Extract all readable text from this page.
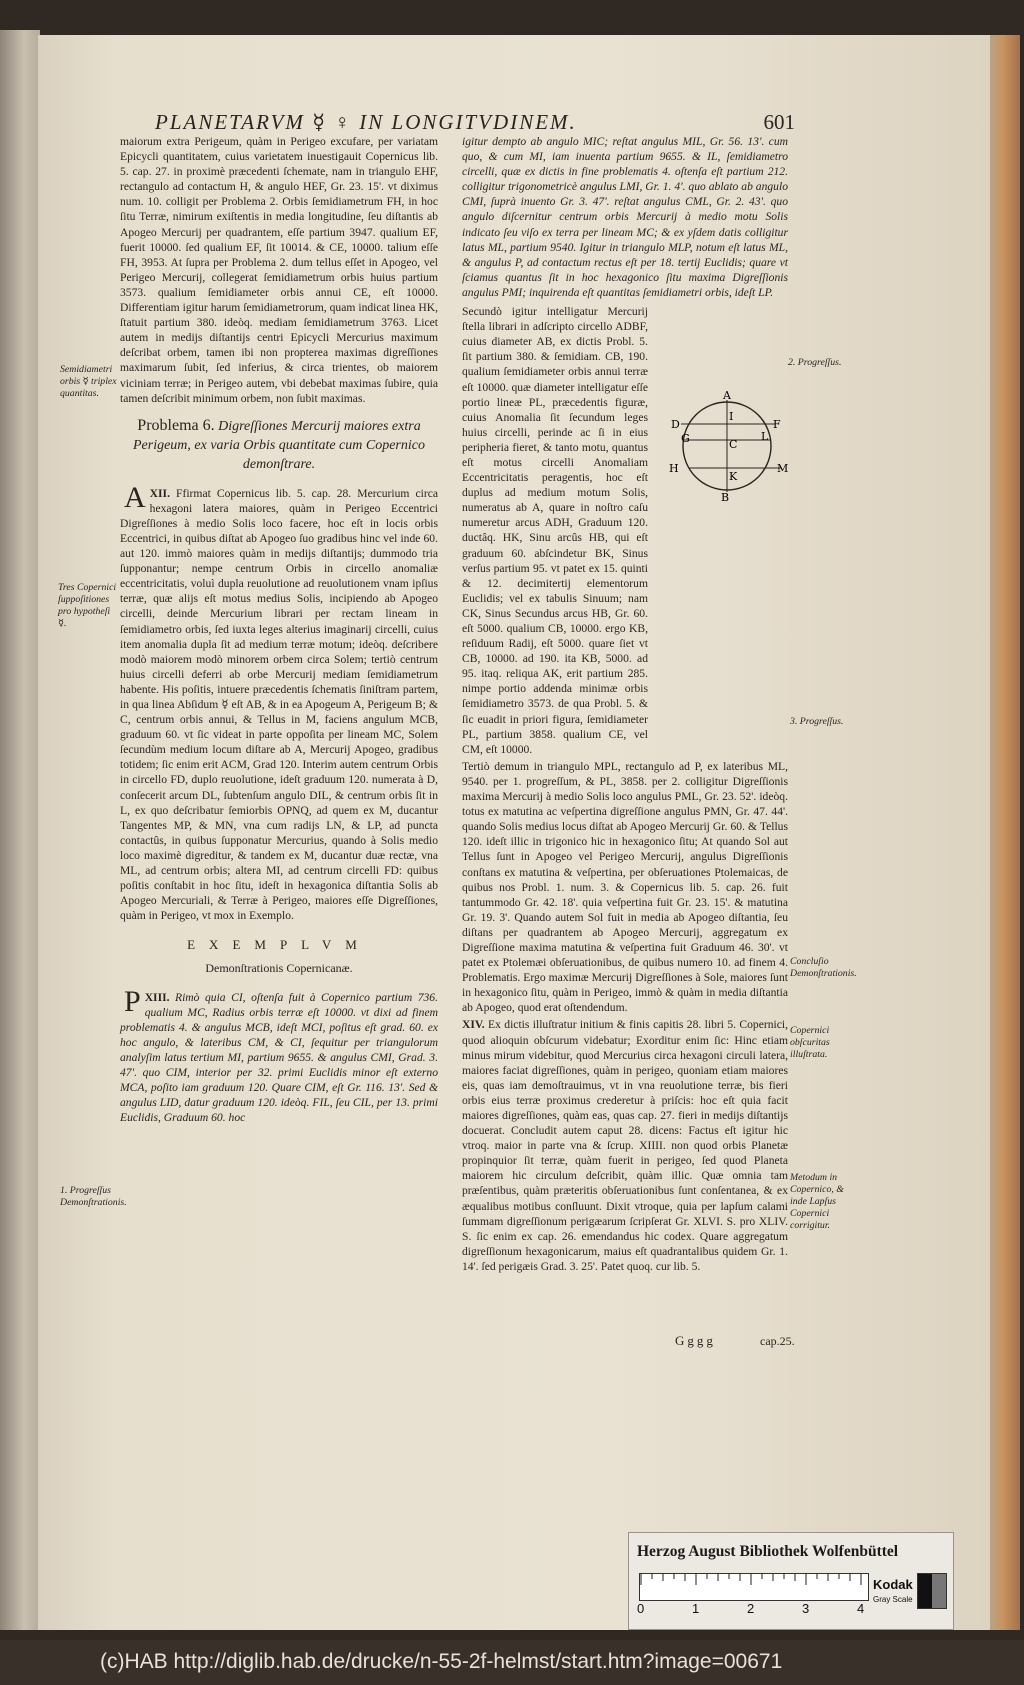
PLANETARVM ☿ ♀ IN LONGITVDINEM.	601

maiorum extra Perigeum, quàm in Perigeo excufare, per variatam Epicycli quantitatem, cuius varietatem inuestigauit Copernicus lib. 5. cap. 27. in proximè præcedenti ſchemate, nam in triangulo EHF, rectangulo ad contactum H, & angulo HEF, Gr. 23. 15'. vt diximus num. 10. colligit per Problema 2. Orbis ſemidiametrum FH, in hoc ſitu Terræ, nimirum exiſtentis in media longitudine, ſeu diſtantis ab Apogeo Mercurij per quadrantem, eſſe partium 3947. qualium EF, fuerit 10000. ſed qualium EF, ſit 10014. & CE, 10000. talium eſſe FH, 3953. At ſupra per Problema 2. dum tellus eſſet in Apogeo, vel Perigeo Mercurij, collegerat ſemidiametrum orbis huius partium 3573. qualium ſemidiameter orbis annui CE, eſt 10000. Differentiam igitur harum ſemidiametrorum, quam indicat linea HK, ſtatuit partium 380. ideòq. mediam ſemidiametrum 3763. Licet autem in medijs diſtantijs centri Epicycli Mercurius maximum deſcribat orbem, tamen ibi non propterea maximas digreſſiones maximarum ſubit, ſed inferius, & circa trientes, ob maiorem viciniam terræ; in Perigeo autem, vbi debebat maximas ſubire, quia tamen deſcribit minimum orbem, non ſubit maximas.

Problema 6. Digreſſiones Mercurij maiores extra Perigeum, ex varia Orbis quantitate cum Copernico demonſtrare.

XII.
A	Ffirmat Copernicus lib. 5. cap. 28. Mercurium circa hexagoni latera maiores, quàm in Perigeo Eccentrici Digreſſiones à medio Solis loco facere, hoc eſt in locis orbis Eccentrici, in quibus diſtat ab Apogeo ſuo gradibus hinc vel inde 60. aut 120. immò maiores quàm in medijs diſtantijs; dummodo tria ſupponantur; nempe centrum Orbis in circello anomaliæ eccentricitatis, voluì dupla reuolutione ad reuolutionem vnam ipſius terræ, quæ alijs eſt motus medius Solis, incipiendo ab Apogeo circelli, deinde Mercurium librari per rectam lineam in ſemidiametro orbis, ſed iuxta leges alterius imaginarij circelli, cuius item anomalia dupla ſit ad medium terræ motum; ideòq. deſcribere modò maiorem modò minorem orbem circa Solem; tertiò centrum huius circelli deferri ab orbe Mercurij mediam ſemidiametrum habente. His poſitis, intuere præcedentis ſchematis ſiniſtram partem, in qua linea Abſidum ☿ eſt AB, & in ea Apogeum A, Perigeum B; & C, centrum orbis annui, & Tellus in M, faciens angulum MCB, graduum 60. vt ſic videat in parte oppoſita per lineam MC, Solem ſecundùm medium locum diſtare ab A, Mercurij Apogeo, gradibus totidem; ſic enim erit ACM, Grad 120. Interim autem centrum Orbis in circello FD, duplo reuolutione, ideſt graduum 120. numerata à D, conſecerit arcum DL, ſubtenſum angulo DIL, & centrum orbis ſit in L, ex quo deſcribatur ſemiorbis OPNQ, ad quem ex M, ducantur Tangentes MP, & MN, vna cum radijs LN, & LP, ad puncta contactûs, in quibus ſupponatur Mercurius, quando à Solis medio loco maximè digreditur, & tandem ex M, ducantur duæ rectæ, vna ML, ad centrum orbis; altera MI, ad centrum circelli FD: quibus poſitis conſtabit in hoc ſitu, ideſt in hexagonica diſtantia Solis ab Apogeo Mercuriali, & Terræ à Perigeo, maiores eſſe Digreſſiones, quàm in Perigeo, vt mox in Exemplo.

EXEMPLVM
Demonſtrationis Copernicanæ.

XIII.
P	Rimò quia CI, oſtenſa fuit à Copernico partium 736. qualium MC, Radius orbis terræ eſt 10000. vt dixi ad finem problematis 4. & angulus MCB, ideſt MCI, poſitus eſt grad. 60. ex hoc angulo, & lateribus CM, & CI, ſequitur per triangulorum analyſim latus tertium MI, partium 9655. & angulus CMI, Grad. 3. 47'. quo CIM, interior per 32. primi Euclidis minor eſt externo MCA, poſito iam graduum 120. Quare CIM, eſt Gr. 116. 13'. Sed & angulus LID, datur graduum 120. ideòq. FIL, ſeu CIL, per 13. primi Euclidis, Graduum 60. hoc

igitur dempto ab angulo MIC; reſtat angulus MIL, Gr. 56. 13'. cum quo, & cum MI, iam inuenta partium 9655. & IL, ſemidiametro circelli, quæ ex dictis in fine problematis 4. oſtenſa eſt partium 212. colligitur trigonometricè angulus LMI, Gr. 1. 4'. quo ablato ab angulo CMI, ſuprà inuento Gr. 3. 47'. reſtat angulus CML, Gr. 2. 43'. quo angulo diſcernitur centrum orbis Mercurij à medio motu Solis indicato ſeu viſo ex terra per lineam MC; & ex yſdem datis colligitur latus ML, partium 9540. Igitur in triangulo MLP, notum eſt latus ML, & angulus P, ad contactum rectus eſt per 18. tertij Euclidis; quare vt ſciamus quantus ſit in hoc hexagonico ſitu maxima Digreſſionis angulus PMI; inquirenda eſt quantitas ſemidiametri orbis, ideſt LP.

Secundò igitur intelligatur Mercurij ſtella librari in adſcripto circello ADBF, cuius diameter AB, ex dictis Probl. 5. ſit partium 380. & ſemidiam. CB, 190. qualium ſemidiameter orbis annui terræ eſt 10000. quæ diameter intelligatur eſſe portio lineæ PL, præcedentis figuræ, cuius Anomalia ſit ſecundum leges huius circelli, perinde ac ſi in eius peripheria fieret, & tanto motu, quantus eſt motus circelli Anomaliam Eccentricitatis peragentis, hoc eſt duplus ad medium motum Solis, numeratus ab A, quare in noſtro caſu numeretur arcus ADH, Graduum 120. ductâq. HK, Sinu arcûs HB, qui eſt graduum 60. abſcindetur BK, Sinus verſus partium 95. vt patet ex 15. quinti & 12. decimitertij elementorum Euclidis; vel ex tabulis Sinuum; nam CK, Sinus Secundus arcus HB, Gr. 60. eſt 5000. qualium CB, 10000. ergo KB, reſiduum Radij, eſt 5000. quare ſiet vt CB, 10000. ad 190. ita KB, 5000. ad 95. itaq. reliqua AK, erit partium 285. nimpe portio addenda minimæ orbis ſemidiametro 3573. de qua Probl. 5. & ſic euadit in priori figura, ſemidiameter PL, partium 3858. qualium CE, vel CM, eſt 10000.

Tertiò demum in triangulo MPL, rectangulo ad P, ex lateribus ML, 9540. per 1. progreſſum, & PL, 3858. per 2. colligitur Digreſſionis maxima Mercurij à medio Solis loco angulus PML, Gr. 23. 52'. ideòq. totus ex matutina ac veſpertina digreſſione angulus PMN, Gr. 47. 44'. quando Solis medius locus diſtat ab Apogeo Mercurij Gr. 60. & Tellus 120. ideſt illic in trigonico hic in hexagonico ſitu; At quando Sol aut Tellus ſunt in Apogeo vel Perigeo Mercurij, angulus Digreſſionis conſtans ex matutina & veſpertina, per obſeruationes Ptolemaicas, de quibus nos Probl. 1. num. 3. & Copernicus lib. 5. cap. 26. fuit tantummodo Gr. 42. 18'. quia veſpertina fuit Gr. 23. 15'. & matutina Gr. 19. 3'. Quando autem Sol fuit in media ab Apogeo diſtantia, ſeu diſtans per quadrantem ab Apogeo Mercurij, aggregatum ex Digreſſione maxima matutina & veſpertina fuit Graduum 46. 30'. vt patet ex Ptolemæi obſeruationibus, de quibus numero 10. ad finem 4. Problematis. Ergo maximæ Mercurij Digreſſiones à Sole, maiores ſunt in hexagonico ſitu, quàm in Perigeo, immò & quàm in media diſtantia ab Apogeo, quod erat oſtendendum.

XIV. Ex dictis illuſtratur initium & finis capitis 28. libri 5. Copernici, quod alioquin obſcurum videbatur; Exorditur enim ſic: Hinc etiam minus mirum videbitur, quod Mercurius circa hexagoni circuli latera, maiores faciat digreſſiones, quàm in perigeo, quoniam etiam maiores eis, quas iam demoſtrauimus, vt in vna reuolutione terræ, bis fieri orbis eius terræ proximus crederetur à priſcis: hoc eſt quia facit maiores digreſſiones, quàm eas, quas cap. 27. fieri in medijs diſtantijs docuerat. Concludit autem caput 28. dicens: Factus eſt igitur hic vtroq. maior in parte vna & ſcrup. XIIII. non quod orbis Planetæ propinquior ſit terræ, quàm fuerit in perigeo, ſed quod Planeta maiorem hic circulum deſcribit, quàm illic. Quæ omnia tam præſentibus, quàm præteritis obſeruationibus ſunt conſentanea, & ex æqualibus motibus conſluunt. Dixit vtroque, quia per lapſum calami ſummam digreſſionum perigæarum ſcripſerat Gr. XLVI. S. pro XLIV. S. ſic enim ex cap. 26. emendandus hic codex. Quare aggregatum digreſſionum hexagonicarum, maius eſt quadrantalibus quidem Gr. 1. 14'. ſed perigæis Grad. 3. 25'. Patet quoq. cur lib. 5.

A
B
C
D	F
G
H
I
K
L
M
Semidiametri orbis ☿ triplex quantitas.
Tres Copernici ſuppoſitiones pro hypotheſi ☿.
1. Progreſſus Demonſtrationis.
2. Progreſſus.
3. Progreſſus.
Concluſio Demonſtrationis.
Copernici obſcuritas illuſtrata.
Metodum in Copernico, & inde Lapſus Copernici corrigitur.
Gggg	cap.25.
Herzog August Bibliothek Wolfenbüttel
0	1	2	3	4
Kodak
Gray Scale
(c)HAB http://diglib.hab.de/drucke/n-55-2f-helmst/start.htm?image=00671
